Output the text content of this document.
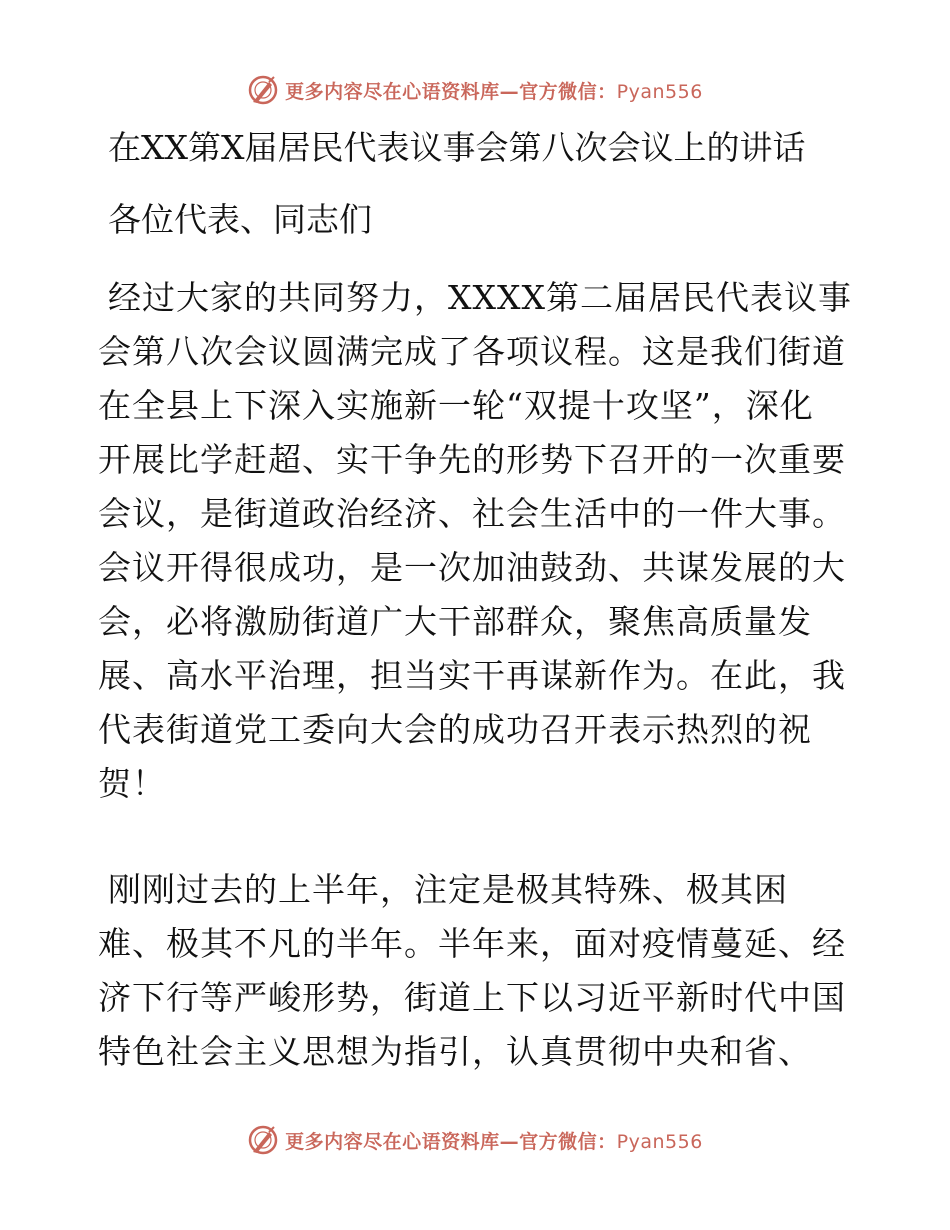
更多内容尽在心语资料库—官方微信：Pyan556
在XX第X届居民代表议事会第八次会议上的讲话
各位代表、同志们
经过大家的共同努力，XXXX第二届居民代表议事
会第八次会议圆满完成了各项议程。这是我们街道
在全县上下深入实施新一轮“双提十攻坚”，深化
开展比学赶超、实干争先的形势下召开的一次重要
会议，是街道政治经济、社会生活中的一件大事。
会议开得很成功，是一次加油鼓劲、共谋发展的大
会，必将激励街道广大干部群众，聚焦高质量发
展、高水平治理，担当实干再谋新作为。在此，我
代表街道党工委向大会的成功召开表示热烈的祝
贺！
刚刚过去的上半年，注定是极其特殊、极其困
难、极其不凡的半年。半年来，面对疫情蔓延、经
济下行等严峻形势，街道上下以习近平新时代中国
特色社会主义思想为指引，认真贯彻中央和省、
更多内容尽在心语资料库—官方微信：Pyan556
